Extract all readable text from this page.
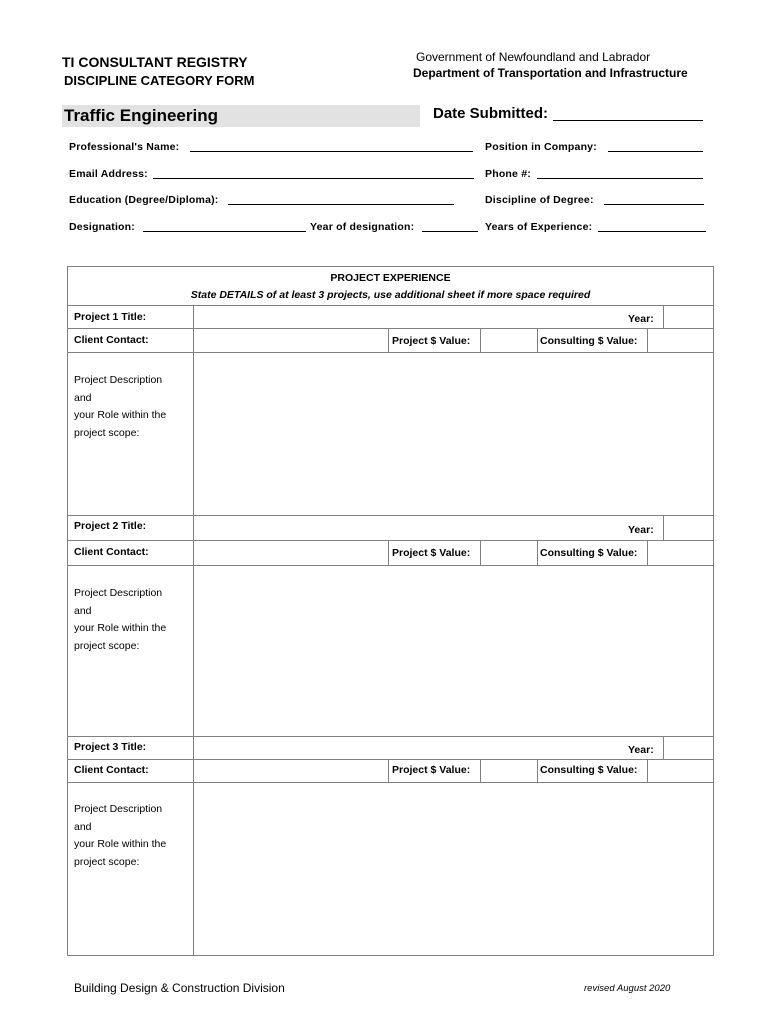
TI CONSULTANT REGISTRY
DISCIPLINE CATEGORY FORM
Government of Newfoundland and Labrador
Department of Transportation and Infrastructure
Traffic Engineering	Date Submitted:
Professional's Name:	Position in Company:
Email Address:	Phone #:
Education (Degree/Diploma):	Discipline of Degree:
Designation:	Year of designation:	Years of Experience:
PROJECT EXPERIENCE
State DETAILS of at least 3 projects, use additional sheet if more space required
Project 1 Title:	Year:
Client Contact:	Project $ Value:	Consulting $ Value:
Project Description
and
your Role within the
project scope:
Project 2 Title:	Year:
Client Contact:	Project $ Value:	Consulting $ Value:
Project Description
and
your Role within the
project scope:
Project 3 Title:	Year:
Client Contact:	Project $ Value:	Consulting $ Value:
Project Description
and
your Role within the
project scope:
Building Design & Construction Division	revised August 2020
